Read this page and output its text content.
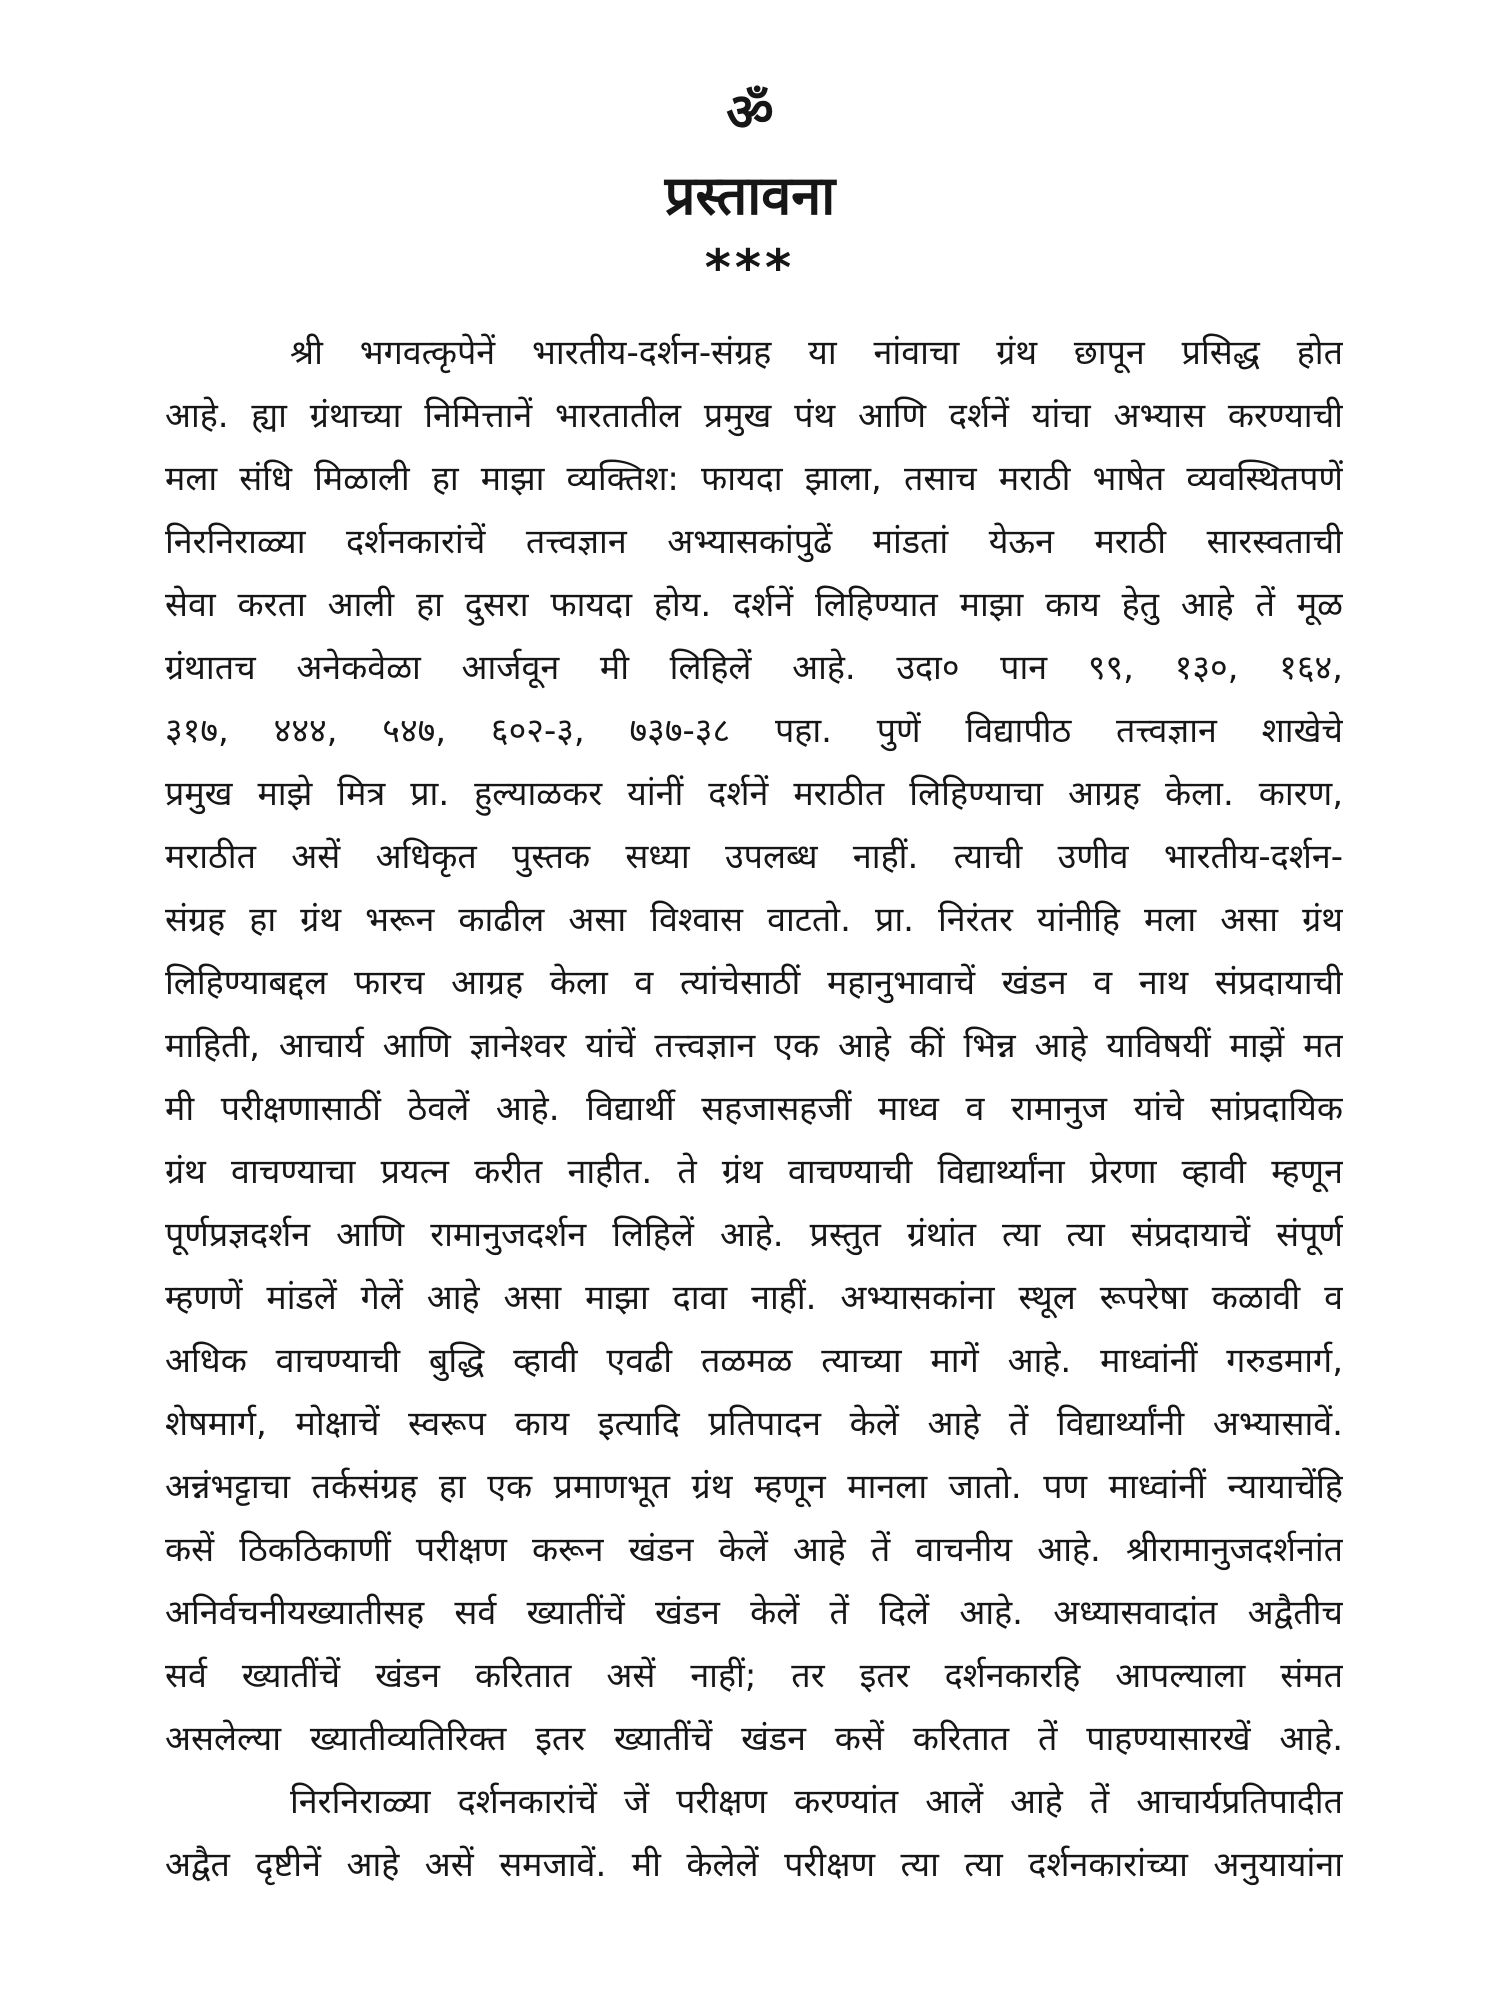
ॐ
प्रस्तावना
***
श्री भगवत्कृपेनें भारतीय-दर्शन-संग्रह या नांवाचा ग्रंथ छापून प्रसिद्ध होत
आहे. ह्या ग्रंथाच्या निमित्तानें भारतातील प्रमुख पंथ आणि दर्शनें यांचा अभ्यास करण्याची
मला संधि मिळाली हा माझा व्यक्तिश: फायदा झाला, तसाच मराठी भाषेत व्यवस्थितपणें
निरनिराळ्या दर्शनकारांचें तत्त्वज्ञान अभ्यासकांपुढें मांडतां येऊन मराठी सारस्वताची
सेवा करता आली हा दुसरा फायदा होय. दर्शनें लिहिण्यात माझा काय हेतु आहे तें मूळ
ग्रंथातच अनेकवेळा आर्जवून मी लिहिलें आहे. उदा० पान ९९, १३०, १६४,
३१७, ४४४, ५४७, ६०२-३, ७३७-३८ पहा. पुणें विद्यापीठ तत्त्वज्ञान शाखेचे
प्रमुख माझे मित्र प्रा. हुल्याळकर यांनीं दर्शनें मराठीत लिहिण्याचा आग्रह केला. कारण,
मराठीत असें अधिकृत पुस्तक सध्या उपलब्ध नाहीं. त्याची उणीव भारतीय-दर्शन-
संग्रह हा ग्रंथ भरून काढील असा विश्वास वाटतो. प्रा. निरंतर यांनीहि मला असा ग्रंथ
लिहिण्याबद्दल फारच आग्रह केला व त्यांचेसाठीं महानुभावाचें खंडन व नाथ संप्रदायाची
माहिती, आचार्य आणि ज्ञानेश्वर यांचें तत्त्वज्ञान एक आहे कीं भिन्न आहे याविषयीं माझें मत
मी परीक्षणासाठीं ठेवलें आहे. विद्यार्थी सहजासहजीं माध्व व रामानुज यांचे सांप्रदायिक
ग्रंथ वाचण्याचा प्रयत्न करीत नाहीत. ते ग्रंथ वाचण्याची विद्यार्थ्यांना प्रेरणा व्हावी म्हणून
पूर्णप्रज्ञदर्शन आणि रामानुजदर्शन लिहिलें आहे. प्रस्तुत ग्रंथांत त्या त्या संप्रदायाचें संपूर्ण
म्हणणें मांडलें गेलें आहे असा माझा दावा नाहीं. अभ्यासकांना स्थूल रूपरेषा कळावी व
अधिक वाचण्याची बुद्धि व्हावी एवढी तळमळ त्याच्या मागें आहे. माध्वांनीं गरुडमार्ग,
शेषमार्ग, मोक्षाचें स्वरूप काय इत्यादि प्रतिपादन केलें आहे तें विद्यार्थ्यांनी अभ्यासावें.
अन्नंभट्टाचा तर्कसंग्रह हा एक प्रमाणभूत ग्रंथ म्हणून मानला जातो. पण माध्वांनीं न्यायाचेंहि
कसें ठिकठिकाणीं परीक्षण करून खंडन केलें आहे तें वाचनीय आहे. श्रीरामानुजदर्शनांत
अनिर्वचनीयख्यातीसह सर्व ख्यातींचें खंडन केलें तें दिलें आहे. अध्यासवादांत अद्वैतीच
सर्व ख्यातींचें खंडन करितात असें नाहीं; तर इतर दर्शनकारहि आपल्याला संमत
असलेल्या ख्यातीव्यतिरिक्त इतर ख्यातींचें खंडन कसें करितात तें पाहण्यासारखें आहे.
निरनिराळ्या दर्शनकारांचें जें परीक्षण करण्यांत आलें आहे तें आचार्यप्रतिपादीत
अद्वैत दृष्टीनें आहे असें समजावें. मी केलेलें परीक्षण त्या त्या दर्शनकारांच्या अनुयायांना
